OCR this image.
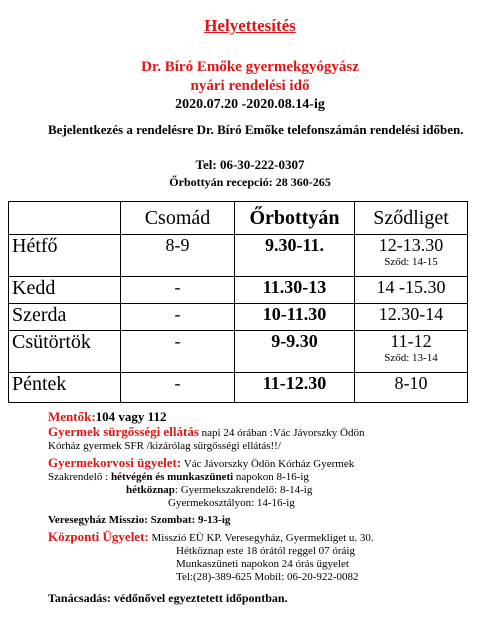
Helyettesítés
Dr. Bíró Emőke gyermekgyógyász
nyári rendelési idő
2020.07.20 -2020.08.14-ig
Bejelentkezés a rendelésre Dr. Bíró Emőke telefonszámán rendelési időben.
Tel: 06-30-222-0307
Őrbottyán recepció: 28 360-265
	Csomád	Őrbottyán	Sződliget
Hétfő	8-9	9.30-11.	12-13.30
Sződ: 14-15

Kedd	-	11.30-13	14 -15.30
Szerda	-	10-11.30	12.30-14
Csütörtök	-	9-9.30	11-12
Sződ: 13-14

Péntek	-	11-12.30	8-10

Mentők:104 vagy 112

Gyermek sürgősségi ellátás napi 24 órában :Vác Jávorszky Ödön

Kórház gyermek SFR /kizárólag sürgősségi ellátás!!/

Gyermekorvosi ügyelet: Vác Jávorszky Ödön Kórház Gyermek

Szakrendelő : hétvégén és munkaszüneti napokon 8-16-ig

hétköznap: Gyermekszakrendelő: 8-14-ig

Gyermekosztályon: 14-16-ig

Veresegyház Misszio: Szombat: 9-13-ig

Központi Ügyelet: Misszió EÜ KP. Veresegyház, Gyermekliget u. 30.

Hétköznap este 18 órától reggel 07 óráig

Munkaszüneti napokon 24 órás ügyelet

Tel:(28)-389-625 Mobil: 06-20-922-0082

Tanácsadás: védőnővel egyeztetett időpontban.
